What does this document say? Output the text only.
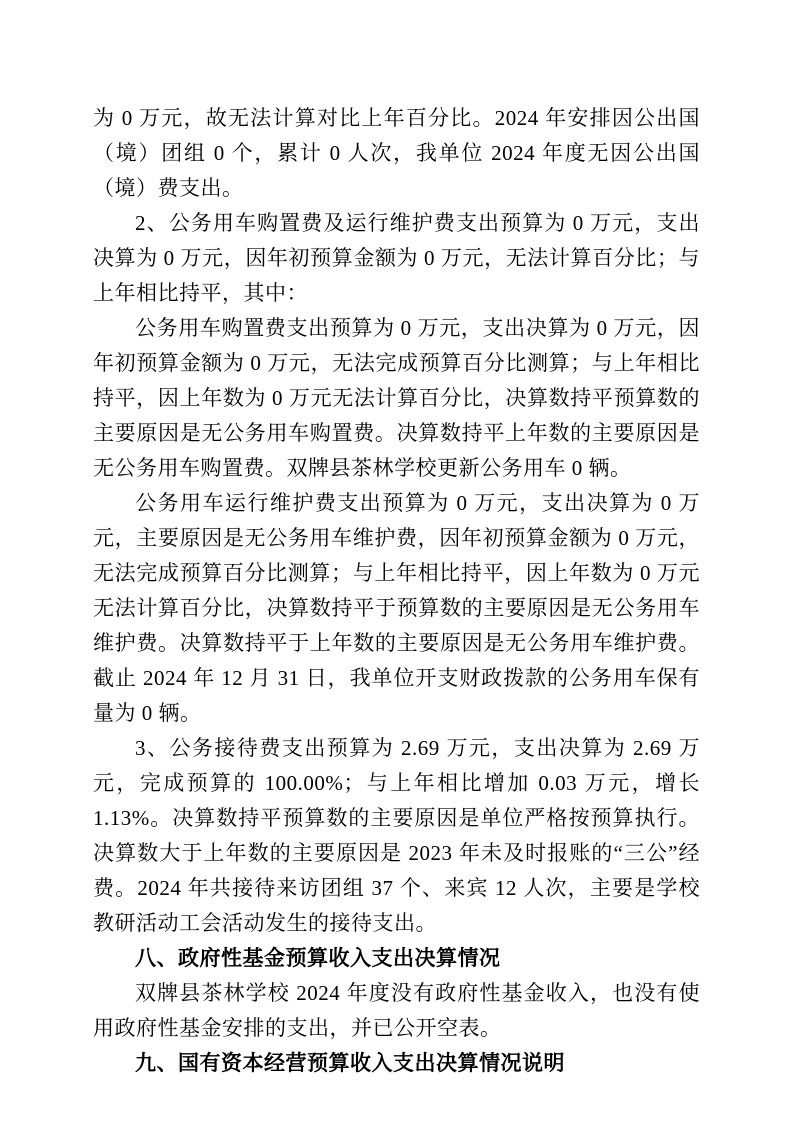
为 0 万元，故无法计算对比上年百分比。2024 年安排因公出国（境）团组 0 个，累计 0 人次，我单位 2024 年度无因公出国（境）费支出。

2、公务用车购置费及运行维护费支出预算为 0 万元，支出决算为 0 万元，因年初预算金额为 0 万元，无法计算百分比；与上年相比持平，其中：

公务用车购置费支出预算为 0 万元，支出决算为 0 万元，因年初预算金额为 0 万元，无法完成预算百分比测算；与上年相比持平，因上年数为 0 万元无法计算百分比，决算数持平预算数的主要原因是无公务用车购置费。决算数持平上年数的主要原因是无公务用车购置费。双牌县茶林学校更新公务用车 0 辆。

公务用车运行维护费支出预算为 0 万元，支出决算为 0 万元，主要原因是无公务用车维护费，因年初预算金额为 0 万元，无法完成预算百分比测算；与上年相比持平，因上年数为 0 万元无法计算百分比，决算数持平于预算数的主要原因是无公务用车维护费。决算数持平于上年数的主要原因是无公务用车维护费。截止 2024 年 12 月 31 日，我单位开支财政拨款的公务用车保有量为 0 辆。

3、公务接待费支出预算为 2.69 万元，支出决算为 2.69 万元，完成预算的 100.00%；与上年相比增加 0.03 万元，增长 1.13%。决算数持平预算数的主要原因是单位严格按预算执行。决算数大于上年数的主要原因是 2023 年未及时报账的“三公”经费。2024 年共接待来访团组 37 个、来宾 12 人次，主要是学校教研活动工会活动发生的接待支出。

八、政府性基金预算收入支出决算情况

双牌县茶林学校 2024 年度没有政府性基金收入，也没有使用政府性基金安排的支出，并已公开空表。

九、国有资本经营预算收入支出决算情况说明
